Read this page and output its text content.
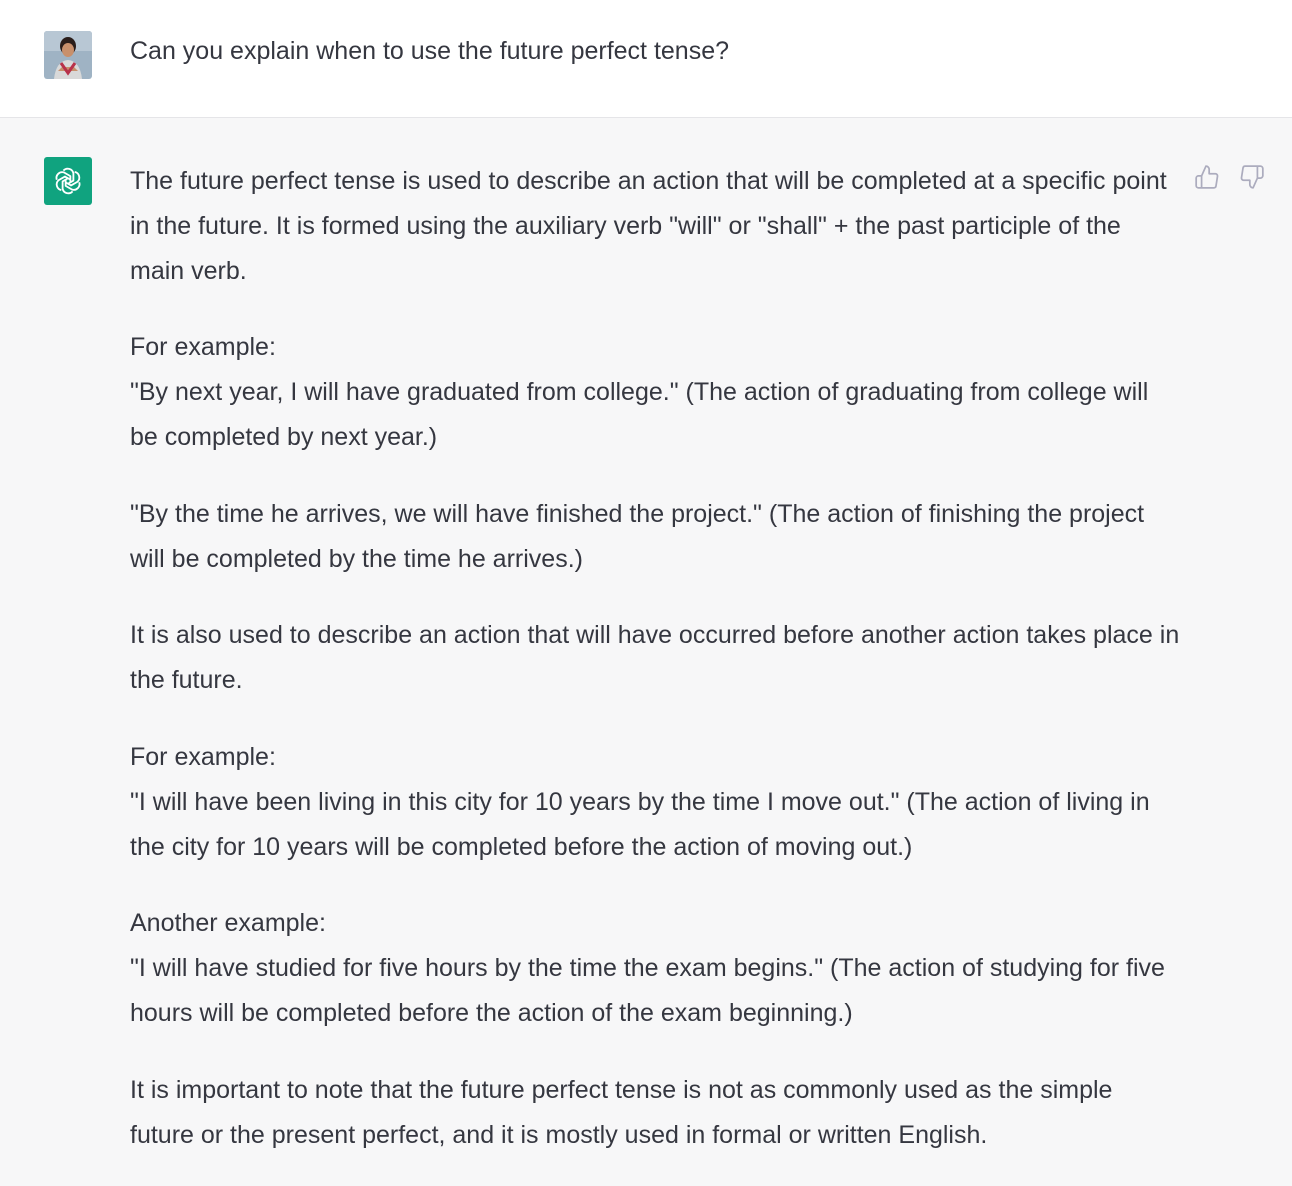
Can you explain when to use the future perfect tense?

The future perfect tense is used to describe an action that will be completed at a specific point in the future. It is formed using the auxiliary verb "will" or "shall" + the past participle of the main verb.

For example:
"By next year, I will have graduated from college." (The action of graduating from college will be completed by next year.)

"By the time he arrives, we will have finished the project." (The action of finishing the project will be completed by the time he arrives.)

It is also used to describe an action that will have occurred before another action takes place in the future.

For example:
"I will have been living in this city for 10 years by the time I move out." (The action of living in the city for 10 years will be completed before the action of moving out.)

Another example:
"I will have studied for five hours by the time the exam begins." (The action of studying for five hours will be completed before the action of the exam beginning.)

It is important to note that the future perfect tense is not as commonly used as the simple future or the present perfect, and it is mostly used in formal or written English.
